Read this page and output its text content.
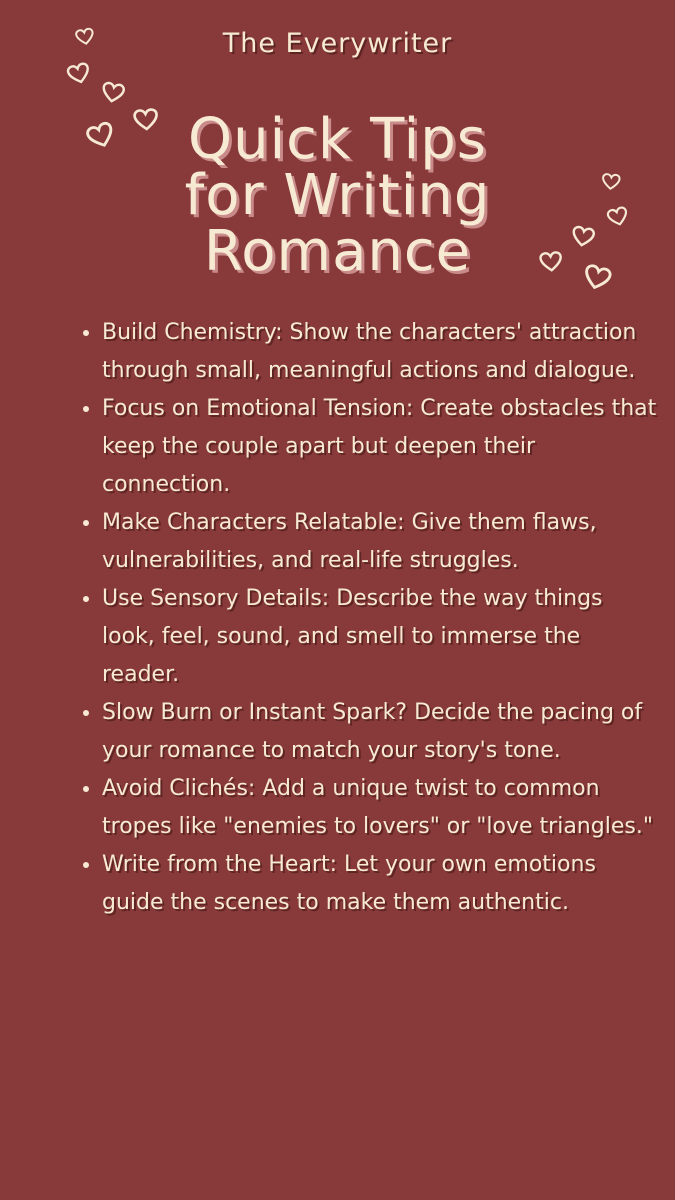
The Everywriter
Quick Tips
for Writing
Romance
• Build Chemistry: Show the characters' attraction through small, meaningful actions and dialogue.
• Focus on Emotional Tension: Create obstacles that keep the couple apart but deepen their connection.
• Make Characters Relatable: Give them flaws, vulnerabilities, and real-life struggles.
• Use Sensory Details: Describe the way things look, feel, sound, and smell to immerse the reader.
• Slow Burn or Instant Spark? Decide the pacing of your romance to match your story's tone.
• Avoid Clichés: Add a unique twist to common tropes like "enemies to lovers" or "love triangles."
• Write from the Heart: Let your own emotions guide the scenes to make them authentic.
